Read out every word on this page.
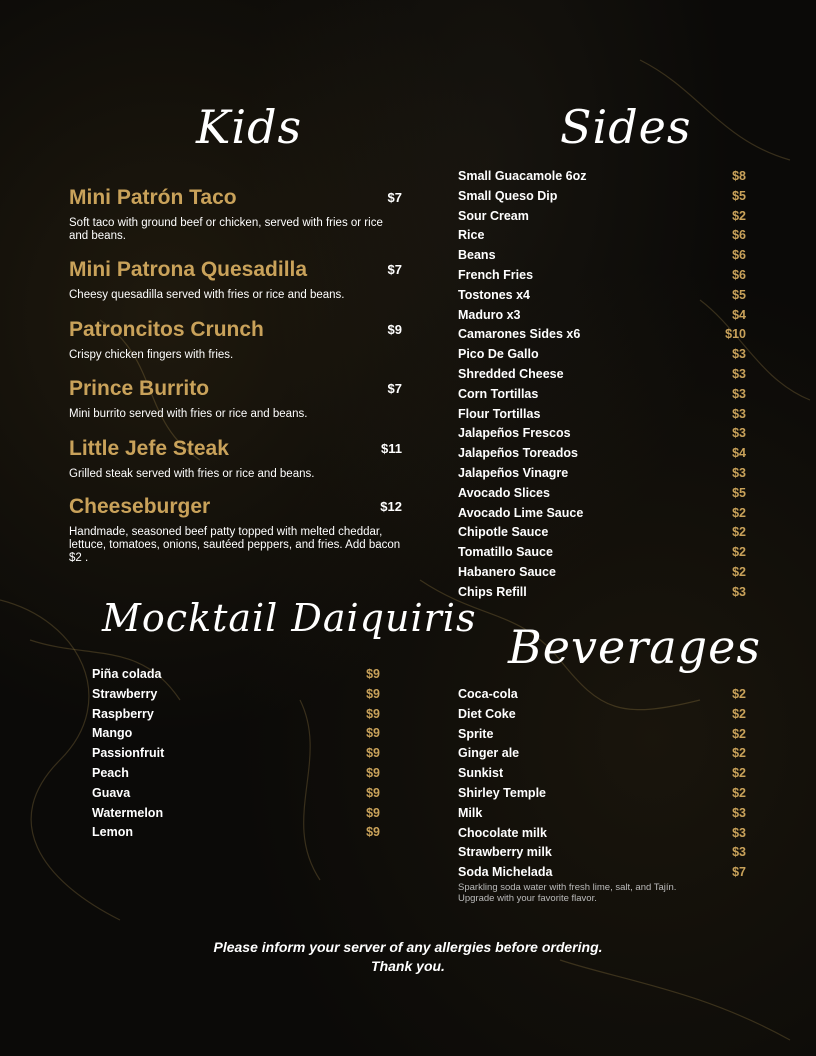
Kids
Mini Patrón Taco	$7
Soft taco with ground beef or chicken, served with fries or rice and beans.
Mini Patrona Quesadilla	$7
Cheesy quesadilla served with fries or rice and beans.
Patroncitos Crunch	$9
Crispy chicken fingers with fries.
Prince Burrito	$7
Mini burrito served with fries or rice and beans.
Little Jefe Steak	$11
Grilled steak served with fries or rice and beans.
Cheeseburger	$12
Handmade, seasoned beef patty topped with melted cheddar, lettuce, tomatoes, onions, sautéed peppers, and fries. Add bacon $2 .
Sides
Small Guacamole 6oz	$8
Small Queso Dip	$5
Sour Cream	$2
Rice	$6
Beans	$6
French Fries	$6
Tostones x4	$5
Maduro x3	$4
Camarones Sides x6	$10
Pico De Gallo	$3
Shredded Cheese	$3
Corn Tortillas	$3
Flour Tortillas	$3
Jalapeños Frescos	$3
Jalapeños Toreados	$4
Jalapeños Vinagre	$3
Avocado Slices	$5
Avocado Lime Sauce	$2
Chipotle Sauce	$2
Tomatillo Sauce	$2
Habanero Sauce	$2
Chips Refill	$3
Mocktail Daiquiris
Piña colada	$9
Strawberry	$9
Raspberry	$9
Mango	$9
Passionfruit	$9
Peach	$9
Guava	$9
Watermelon	$9
Lemon	$9
Beverages
Coca-cola	$2
Diet Coke	$2
Sprite	$2
Ginger ale	$2
Sunkist	$2
Shirley Temple	$2
Milk	$3
Chocolate milk	$3
Strawberry milk	$3
Soda Michelada	$7
Sparkling soda water with fresh lime, salt, and Tajín. Upgrade with your favorite flavor.
Please inform your server of any allergies before ordering.
Thank you.
